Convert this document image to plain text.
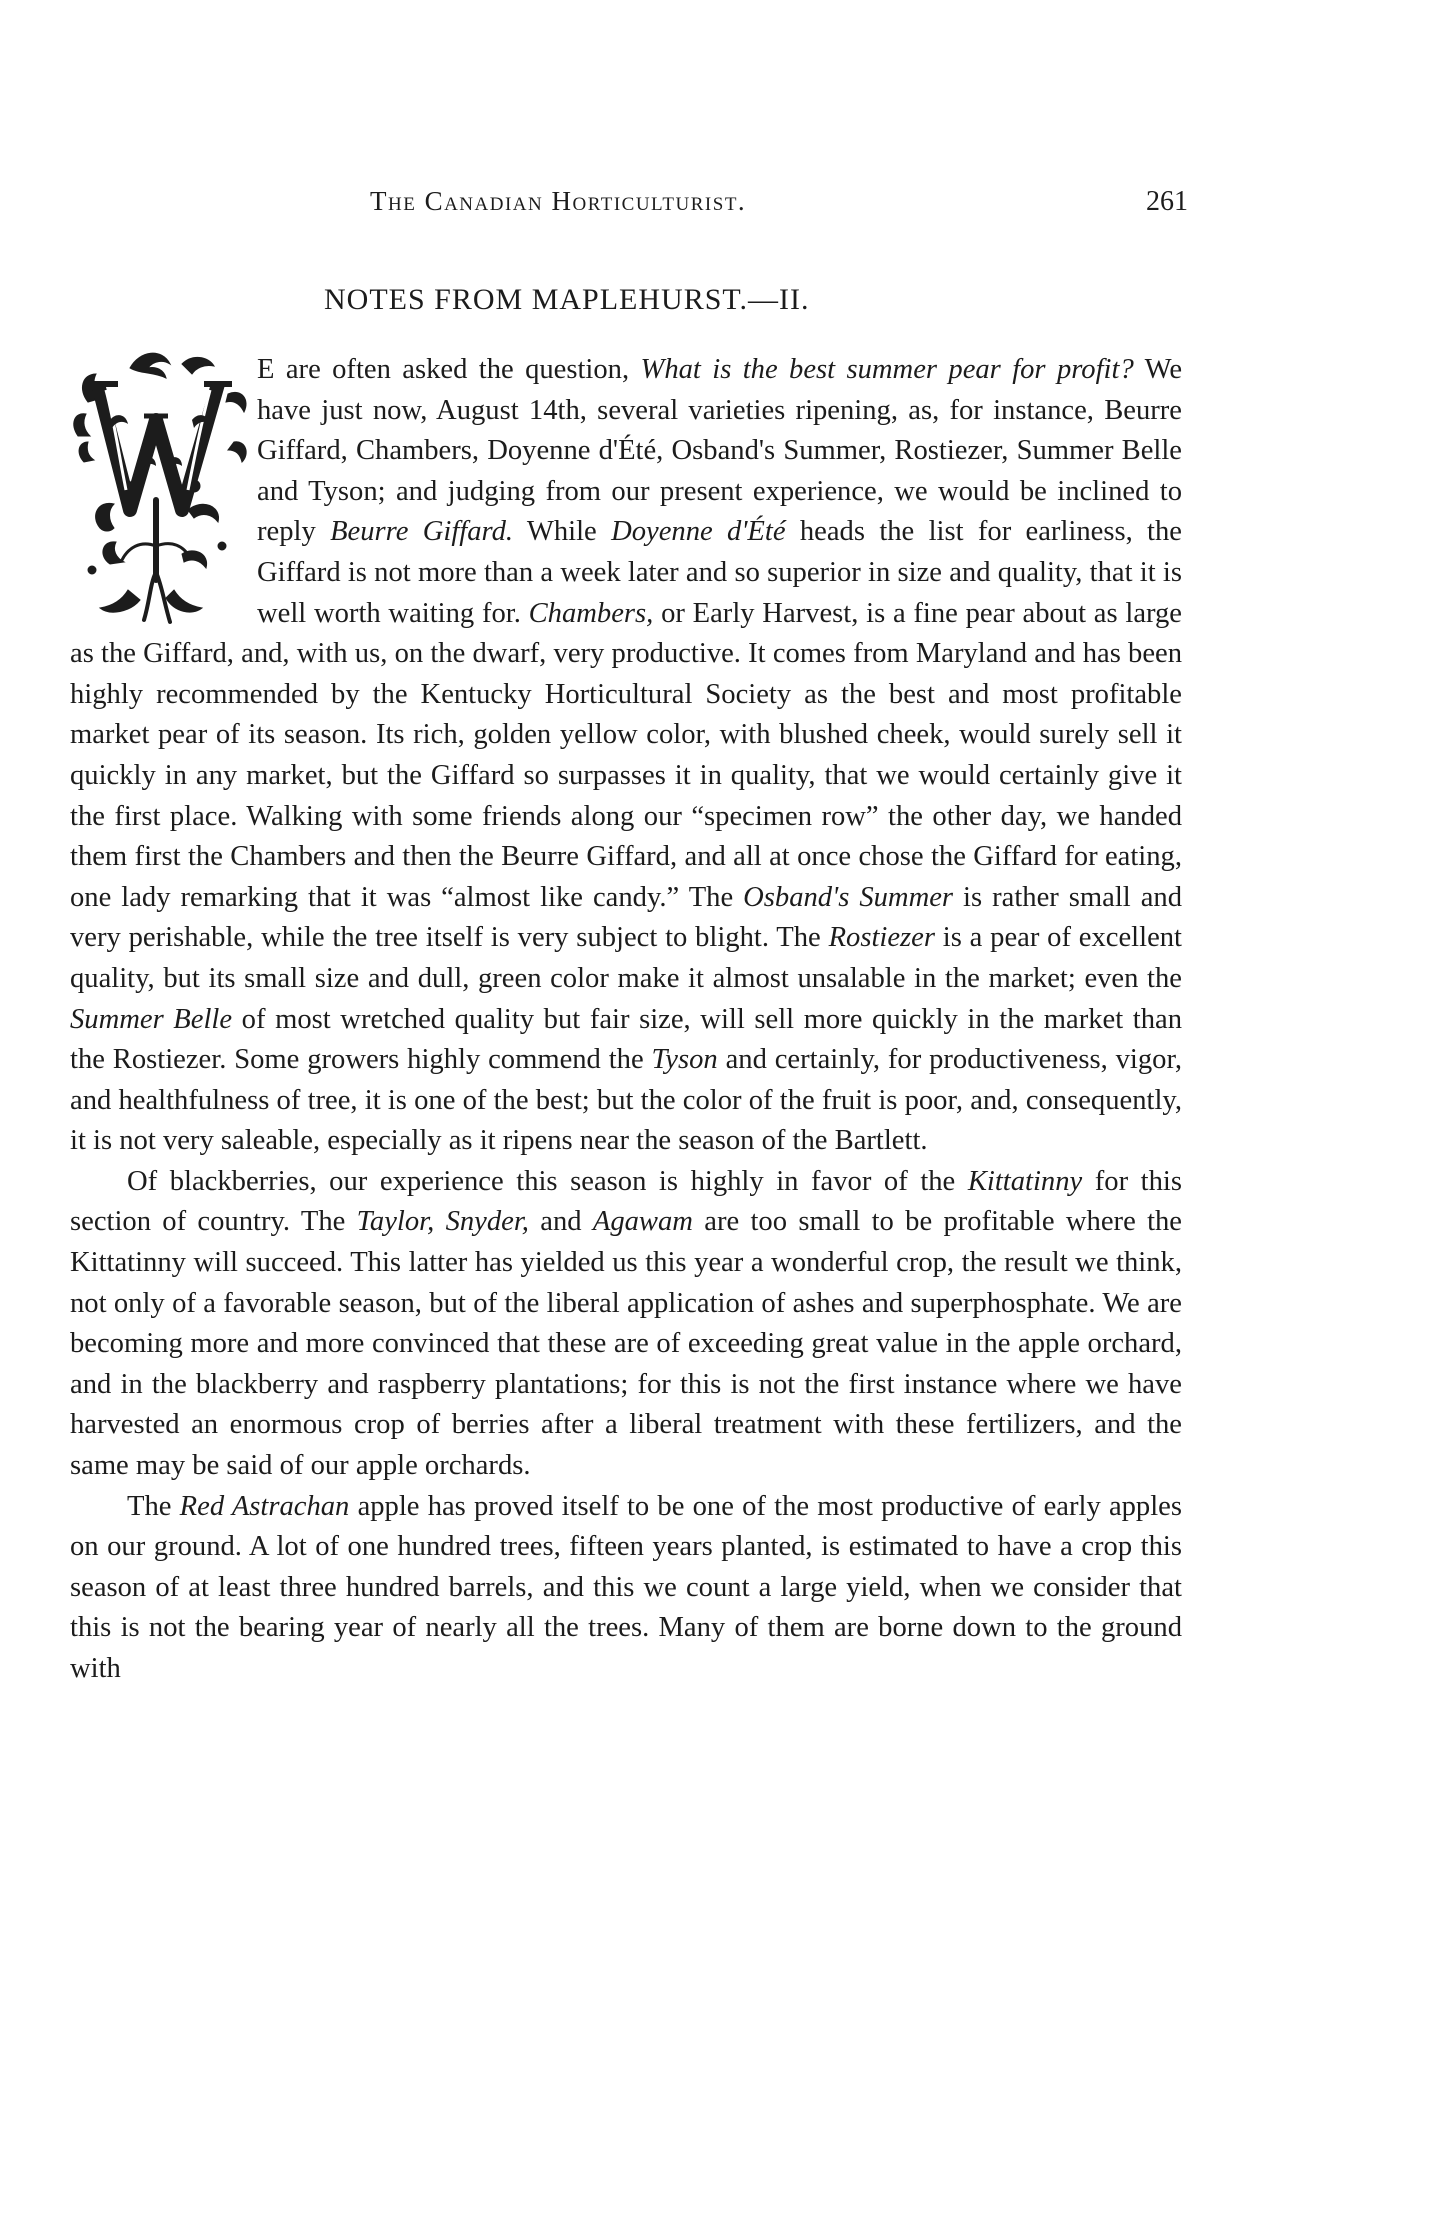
The Canadian Horticulturist.	261
NOTES FROM MAPLEHURST.—II.

E are often asked the question, What is the best summer pear for profit? We have just now, August 14th, several varieties ripening, as, for instance, Beurre Giffard, Chambers, Doyenne d'Été, Osband's Summer, Rostiezer, Summer Belle and Tyson; and judging from our present experience, we would be inclined to reply Beurre Giffard. While Doyenne d'Été heads the list for earliness, the Giffard is not more than a week later and so superior in size and quality, that it is well worth waiting for. Chambers, or Early Harvest, is a fine pear about as large as the Giffard, and, with us, on the dwarf, very productive. It comes from Maryland and has been highly recommended by the Kentucky Horticultural Society as the best and most profitable market pear of its season. Its rich, golden yellow color, with blushed cheek, would surely sell it quickly in any market, but the Giffard so surpasses it in quality, that we would certainly give it the first place. Walking with some friends along our “specimen row” the other day, we handed them first the Chambers and then the Beurre Giffard, and all at once chose the Giffard for eating, one lady remarking that it was “almost like candy.” The Osband's Summer is rather small and very perishable, while the tree itself is very subject to blight. The Rostiezer is a pear of excellent quality, but its small size and dull, green color make it almost unsalable in the market; even the Summer Belle of most wretched quality but fair size, will sell more quickly in the market than the Rostiezer. Some growers highly commend the Tyson and certainly, for productiveness, vigor, and healthfulness of tree, it is one of the best; but the color of the fruit is poor, and, consequently, it is not very saleable, especially as it ripens near the season of the Bartlett.

Of blackberries, our experience this season is highly in favor of the Kittatinny for this section of country. The Taylor, Snyder, and Agawam are too small to be profitable where the Kittatinny will succeed. This latter has yielded us this year a wonderful crop, the result we think, not only of a favorable season, but of the liberal application of ashes and superphosphate. We are becoming more and more convinced that these are of exceeding great value in the apple orchard, and in the blackberry and raspberry plantations; for this is not the first instance where we have harvested an enormous crop of berries after a liberal treatment with these fertilizers, and the same may be said of our apple orchards.

The Red Astrachan apple has proved itself to be one of the most productive of early apples on our ground. A lot of one hundred trees, fifteen years planted, is estimated to have a crop this season of at least three hundred barrels, and this we count a large yield, when we consider that this is not the bearing year of nearly all the trees. Many of them are borne down to the ground with
